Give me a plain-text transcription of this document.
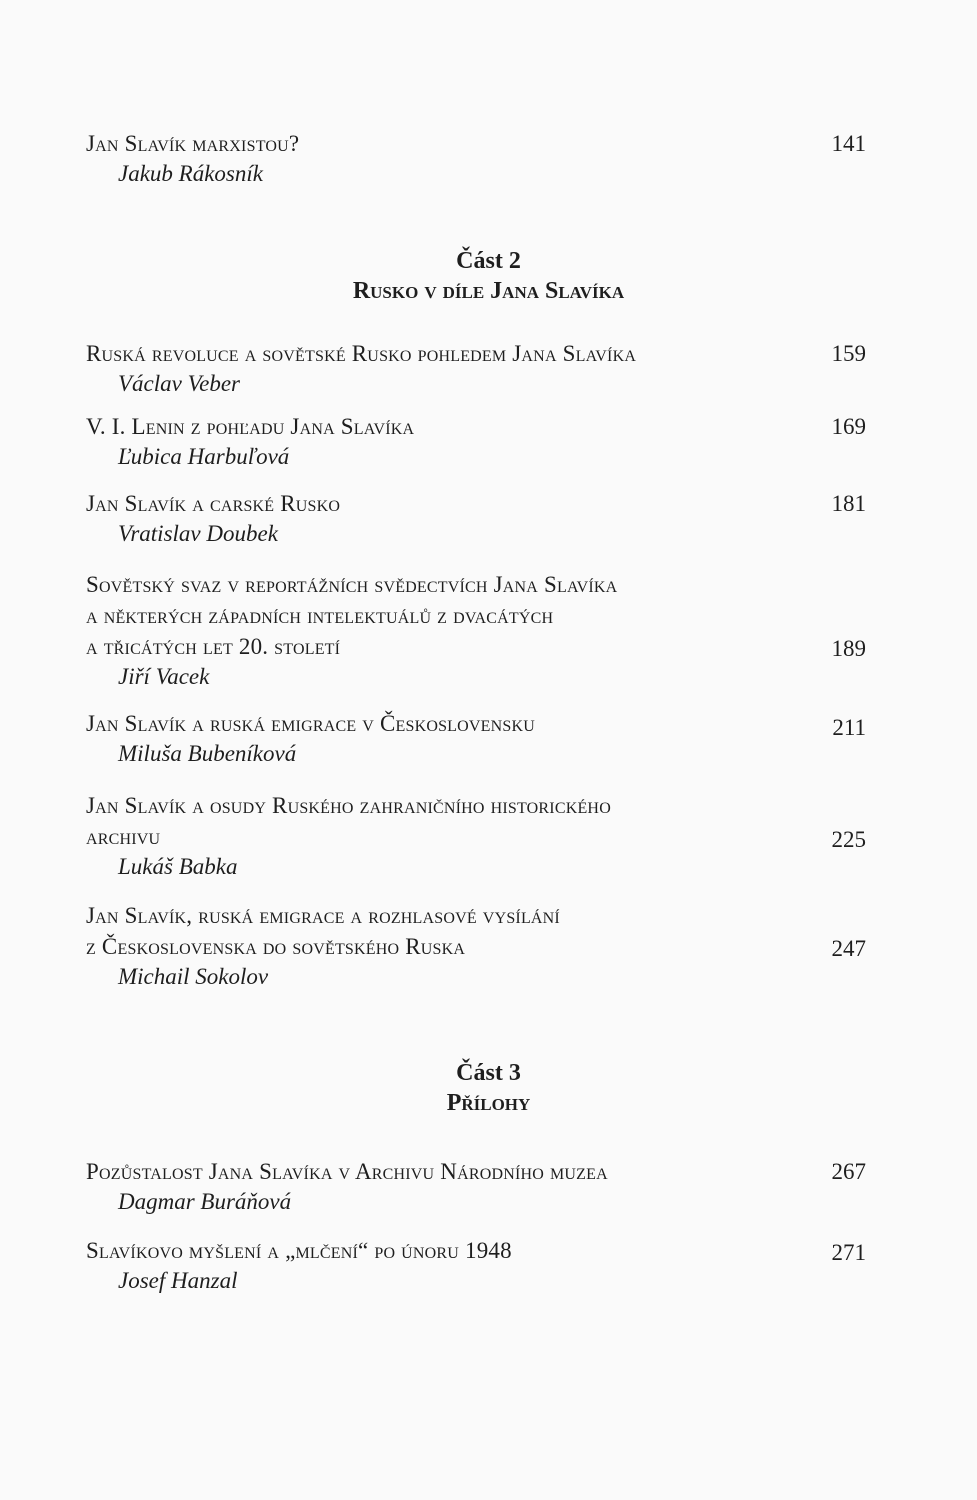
Jan Slavík marxistou?
Jakub Rákosník
141
Část 2
Rusko v díle Jana Slavíka
Ruská revoluce a sovětské Rusko pohledem Jana Slavíka
Václav Veber
159
V. I. Lenin z pohľadu Jana Slavíka
Ľubica Harbuľová
169
Jan Slavík a carské Rusko
Vratislav Doubek
181
Sovětský svaz v reportážních svědectvích Jana Slavíka
a některých západních intelektuálů z dvacátých
a třicátých let 20. století
Jiří Vacek
189
Jan Slavík a ruská emigrace v Československu
Miluša Bubeníková
211
Jan Slavík a osudy Ruského zahraničního historického
archivu
Lukáš Babka
225
Jan Slavík, ruská emigrace a rozhlasové vysílání
z Československa do sovětského Ruska
Michail Sokolov
247
Část 3
Přílohy
Pozůstalost Jana Slavíka v Archivu Národního muzea
Dagmar Buráňová
267
Slavíkovo myšlení a „mlčení“ po únoru 1948
Josef Hanzal
271
